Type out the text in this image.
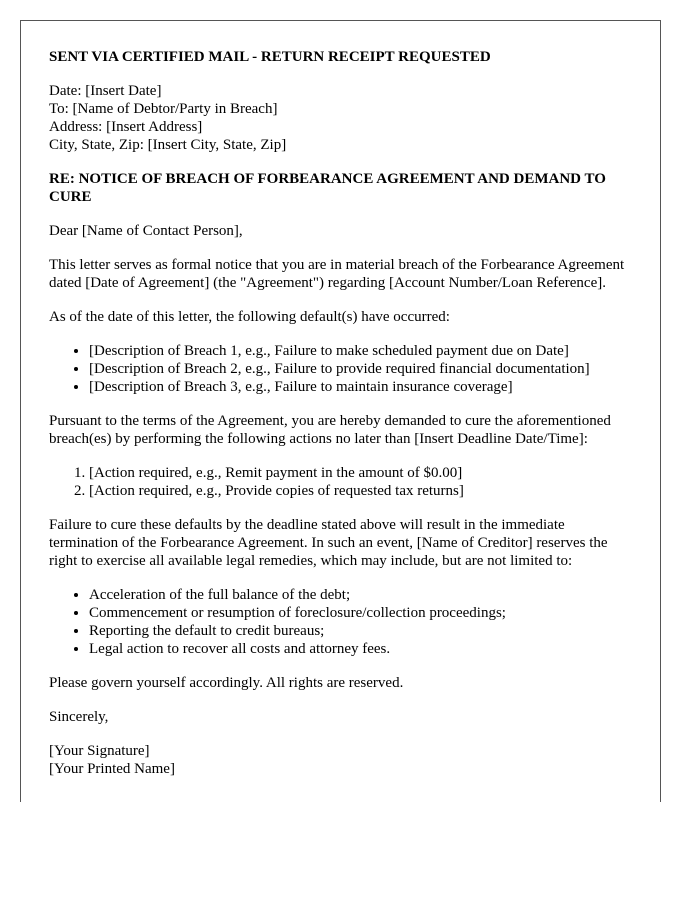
SENT VIA CERTIFIED MAIL - RETURN RECEIPT REQUESTED

Date: [Insert Date]
To: [Name of Debtor/Party in Breach]
Address: [Insert Address]
City, State, Zip: [Insert City, State, Zip]

RE: NOTICE OF BREACH OF FORBEARANCE AGREEMENT AND DEMAND TO CURE

Dear [Name of Contact Person],

This letter serves as formal notice that you are in material breach of the Forbearance Agreement dated [Date of Agreement] (the "Agreement") regarding [Account Number/Loan Reference].

As of the date of this letter, the following default(s) have occurred:

• [Description of Breach 1, e.g., Failure to make scheduled payment due on Date]
• [Description of Breach 2, e.g., Failure to provide required financial documentation]
• [Description of Breach 3, e.g., Failure to maintain insurance coverage]

Pursuant to the terms of the Agreement, you are hereby demanded to cure the aforementioned breach(es) by performing the following actions no later than [Insert Deadline Date/Time]:

1. [Action required, e.g., Remit payment in the amount of $0.00]
2. [Action required, e.g., Provide copies of requested tax returns]

Failure to cure these defaults by the deadline stated above will result in the immediate termination of the Forbearance Agreement. In such an event, [Name of Creditor] reserves the right to exercise all available legal remedies, which may include, but are not limited to:

• Acceleration of the full balance of the debt;
• Commencement or resumption of foreclosure/collection proceedings;
• Reporting the default to credit bureaus;
• Legal action to recover all costs and attorney fees.

Please govern yourself accordingly. All rights are reserved.

Sincerely,

[Your Signature]
[Your Printed Name]
